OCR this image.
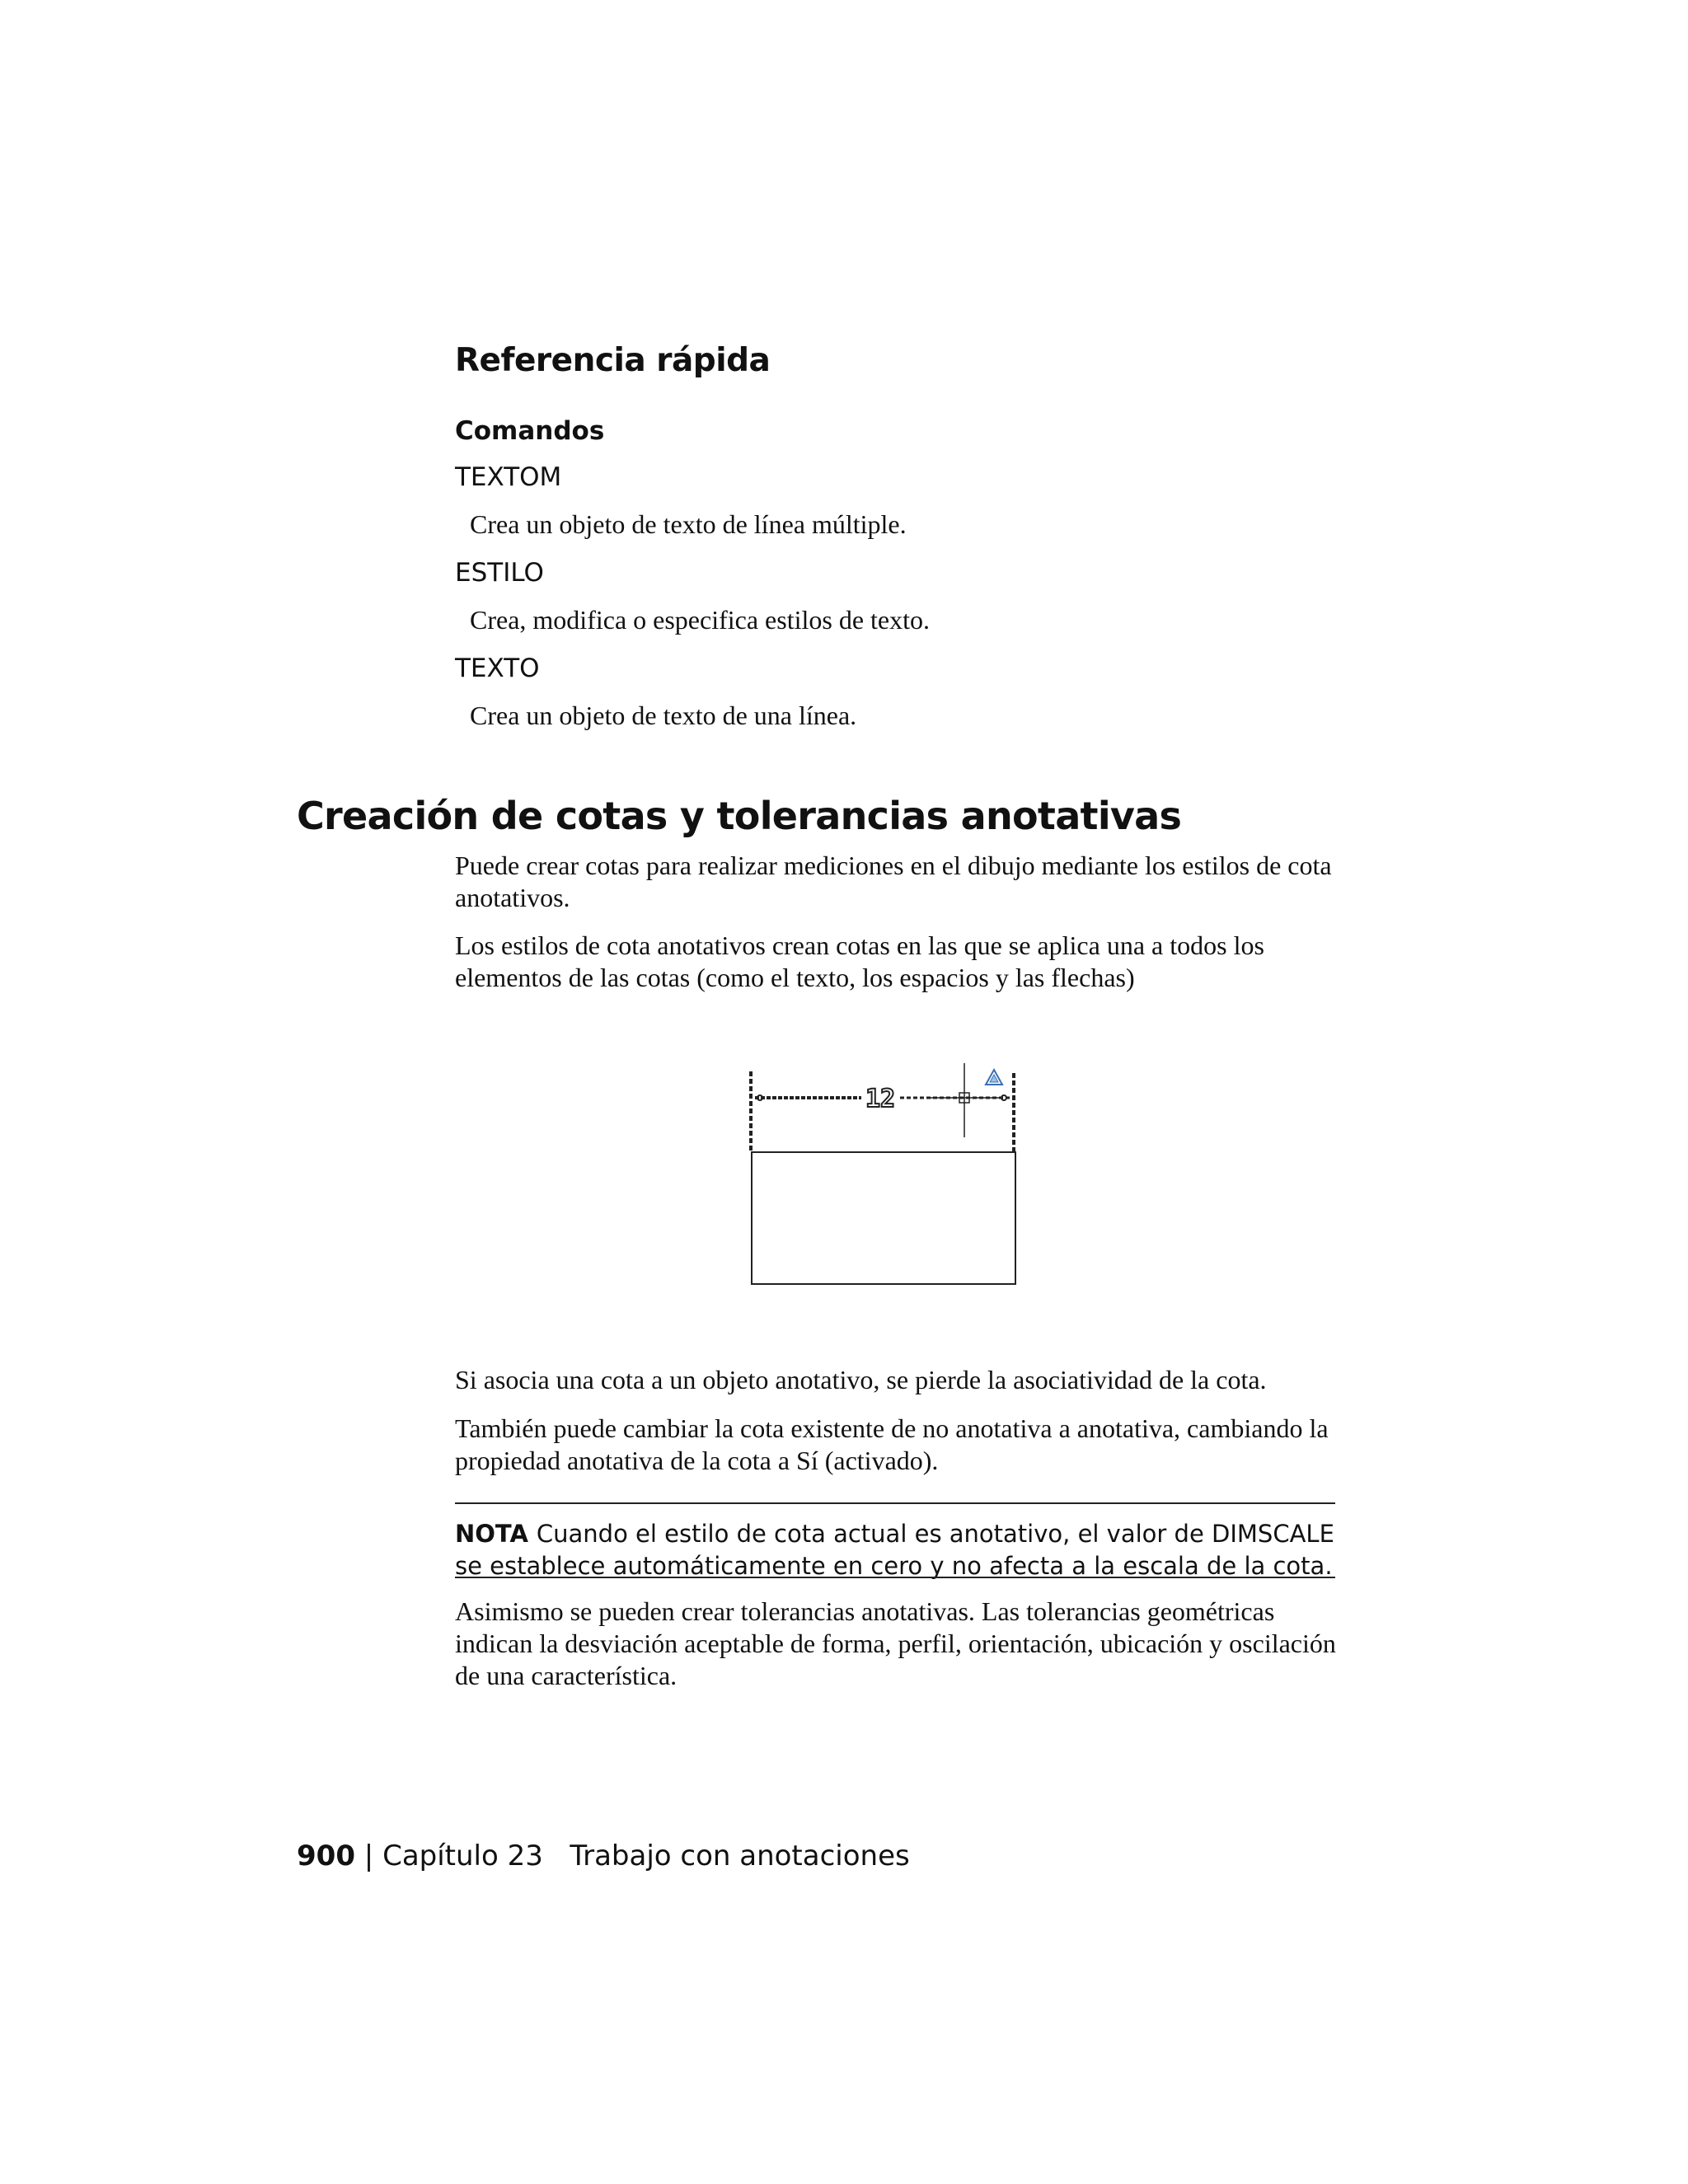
Referencia rápida
Comandos
TEXTOM
Crea un objeto de texto de línea múltiple.
ESTILO
Crea, modifica o especifica estilos de texto.
TEXTO
Crea un objeto de texto de una línea.
Creación de cotas y tolerancias anotativas
Puede crear cotas para realizar mediciones en el dibujo mediante los estilos de cota anotativos.
Los estilos de cota anotativos crean cotas en las que se aplica una a todos los elementos de las cotas (como el texto, los espacios y las flechas)
12
Si asocia una cota a un objeto anotativo, se pierde la asociatividad de la cota.
También puede cambiar la cota existente de no anotativa a anotativa, cambiando la propiedad anotativa de la cota a Sí (activado).
NOTA Cuando el estilo de cota actual es anotativo, el valor de DIMSCALE se establece automáticamente en cero y no afecta a la escala de la cota.
Asimismo se pueden crear tolerancias anotativas. Las tolerancias geométricas indican la desviación aceptable de forma, perfil, orientación, ubicación y oscilación de una característica.
900 | Capítulo 23 Trabajo con anotaciones
